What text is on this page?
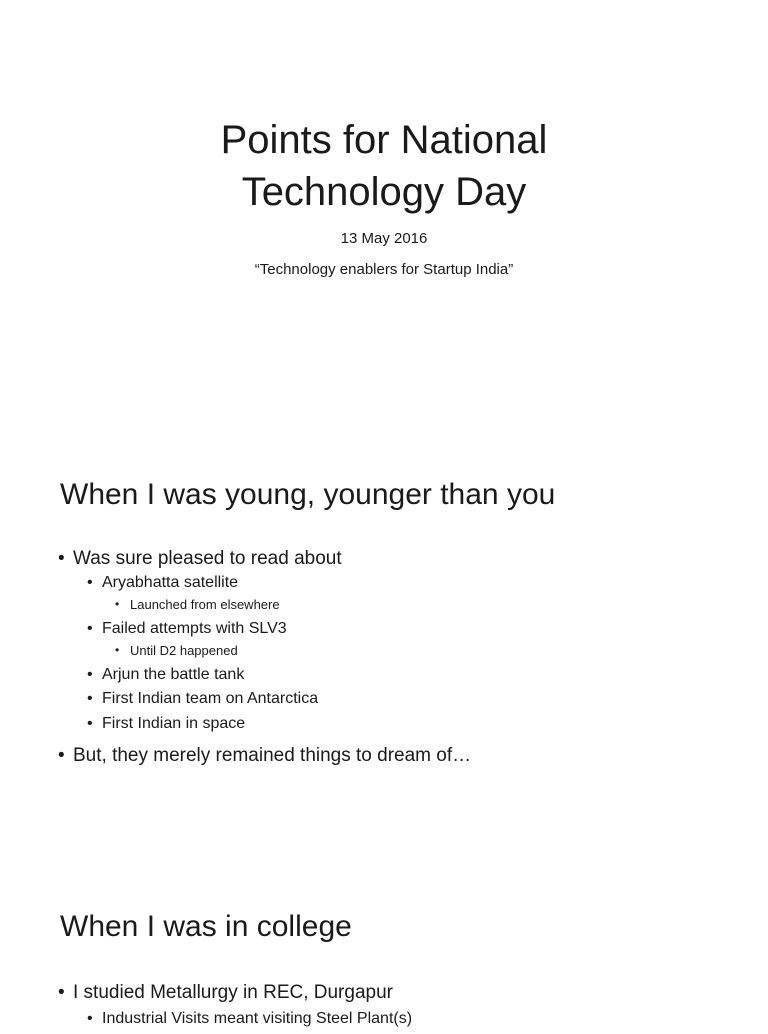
Points for National
Technology Day
13 May 2016
“Technology enablers for Startup India”
When I was young, younger than you
• Was sure pleased to read about
• Aryabhatta satellite
• Launched from elsewhere
• Failed attempts with SLV3
• Until D2 happened
• Arjun the battle tank
• First Indian team on Antarctica
• First Indian in space
• But, they merely remained things to dream of…
When I was in college
• I studied Metallurgy in REC, Durgapur
• Industrial Visits meant visiting Steel Plant(s)
